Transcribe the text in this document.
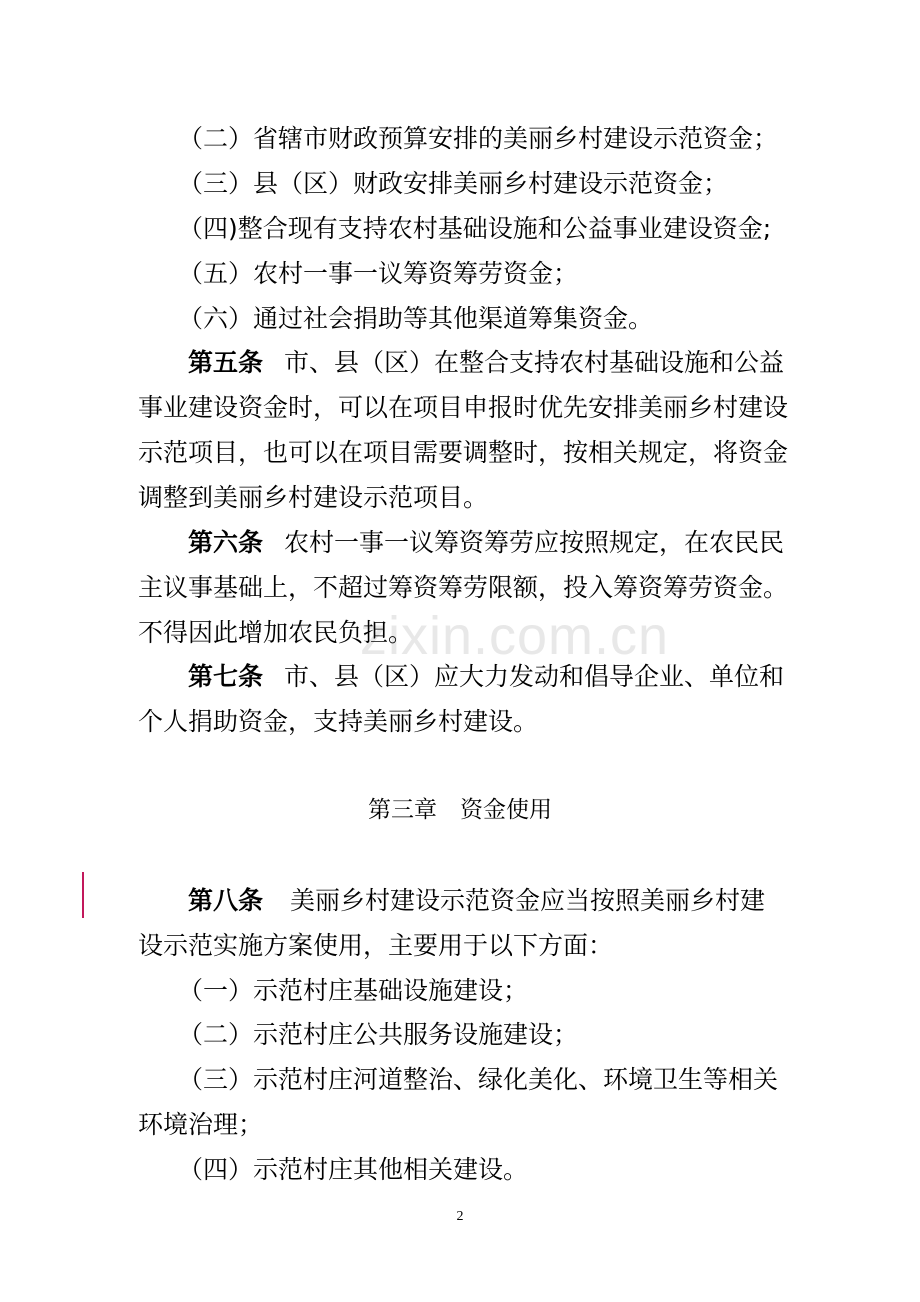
zixin.com.cn
（二）省辖市财政预算安排的美丽乡村建设示范资金；
（三）县（区）财政安排美丽乡村建设示范资金；
（四)整合现有支持农村基础设施和公益事业建设资金;
（五）农村一事一议筹资筹劳资金；
（六）通过社会捐助等其他渠道筹集资金。
第五条 市、县（区）在整合支持农村基础设施和公益
事业建设资金时，可以在项目申报时优先安排美丽乡村建设
示范项目，也可以在项目需要调整时，按相关规定，将资金
调整到美丽乡村建设示范项目。
第六条 农村一事一议筹资筹劳应按照规定，在农民民
主议事基础上，不超过筹资筹劳限额，投入筹资筹劳资金。
不得因此增加农民负担。
第七条 市、县（区）应大力发动和倡导企业、单位和
个人捐助资金，支持美丽乡村建设。
第三章　资金使用
第八条 美丽乡村建设示范资金应当按照美丽乡村建
设示范实施方案使用，主要用于以下方面：
（一）示范村庄基础设施建设；
（二）示范村庄公共服务设施建设；
（三）示范村庄河道整治、绿化美化、环境卫生等相关
环境治理；
（四）示范村庄其他相关建设。
2
